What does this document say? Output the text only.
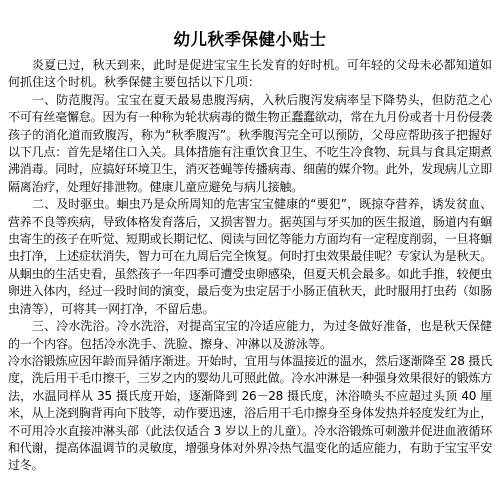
幼儿秋季保健小贴士

炎夏已过，秋天到来，此时是促进宝宝生长发育的好时机。可年轻的父母未必都知道如何抓住这个时机。秋季保健主要包括以下几项：

一、防范腹泻。宝宝在夏天最易患腹泻病，入秋后腹泻发病率呈下降势头，但防范之心不可有丝毫懈怠。因为有一种称为轮状病毒的微生物正蠢蠢欲动，常在九月份或者十月份侵袭孩子的消化道而致腹泻，称为“秋季腹泻”。秋季腹泻完全可以预防，父母应帮助孩子把握好以下几点：首先是堵住口入关。具体措施有注重饮食卫生、不吃生冷食物、玩具与食具定期煮沸消毒。同时，应搞好环境卫生，消灭苍蝇等传播病毒、细菌的媒介物。此外，发现病儿立即隔离治疗，处理好排泄物。健康儿童应避免与病儿接触。

二、及时驱虫。蛔虫乃是众所周知的危害宝宝健康的“要犯”，既掠夺营养，诱发贫血、营养不良等疾病，导致体格发育落后，又损害智力。据英国与牙买加的医生报道，肠道内有蛔虫寄生的孩子在听觉、短期或长期记忆、阅读与回忆等能力方面均有一定程度削弱，一旦将蛔虫打净，上述症状消失，智力可在九周后完全恢复。何时打虫效果最佳呢？专家认为是秋天。从蛔虫的生活史看，虽然孩子一年四季可遭受虫卵感染，但夏天机会最多。如此手推，较便虫卵进入体内，经过一段时间的演变，最后变为虫定居于小肠正值秋天，此时服用打虫药（如肠虫清等），可将其一网打净，不留后患。

三、冷水洗浴。冷水洗浴，对提高宝宝的冷适应能力，为过冬做好准备，也是秋天保健的一个内容。包括冷水洗手、洗脸、擦身、冲淋以及游泳等。

冷水浴锻炼应因年龄而异循序渐进。开始时，宜用与体温接近的温水，然后逐渐降至 28 摄氏度，洗后用干毛巾擦干，三岁之内的婴幼儿可照此做。冷水冲淋是一种强身效果很好的锻炼方法，水温同样从 35 摄氏度开始，逐渐降到 26－28 摄氏度，沐浴喷头不应超过头顶 40 厘米，从上浇到胸背再向下肢等，动作要迅速，浴后用干毛巾擦身至身体发热并轻度发红为止，不可用冷水直接冲淋头部（此法仅适合 3 岁以上的儿童）。冷水浴锻炼可刺激并促进血液循环和代谢，提高体温调节的灵敏度，增强身体对外界冷热气温变化的适应能力，有助于宝宝平安过冬。
